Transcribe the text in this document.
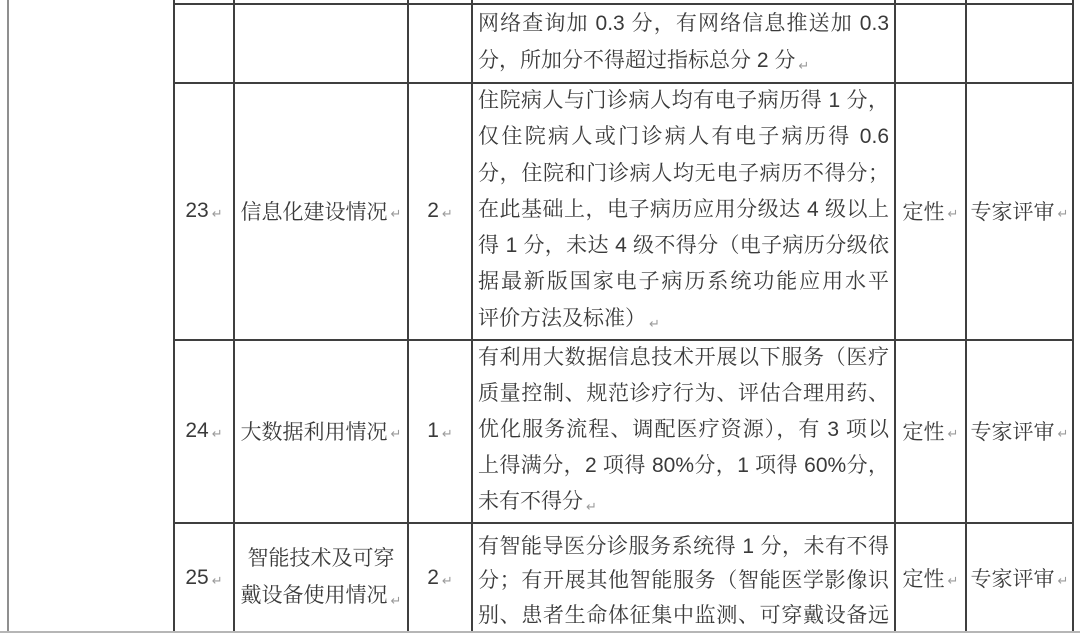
网络查询加 0.3 分，有网络信息推送加 0.3
分，所加分不得超过指标总分 2 分 ↵
23 ↵ 信息化建设情况 ↵ 2 ↵
住院病人与门诊病人均有电子病历得 1 分，
仅住院病人或门诊病人有电子病历得 0.6
分，住院和门诊病人均无电子病历不得分；
在此基础上，电子病历应用分级达 4 级以上
得 1 分，未达 4 级不得分（电子病历分级依
据最新版国家电子病历系统功能应用水平
评价方法及标准） ↵
定性 ↵ 专家评审 ↵
24 ↵ 大数据利用情况 ↵ 1 ↵
有利用大数据信息技术开展以下服务（医疗
质量控制、规范诊疗行为、评估合理用药、
优化服务流程、调配医疗资源），有 3 项以
上得满分，2 项得 80%分，1 项得 60%分，
未有不得分 ↵
定性 ↵ 专家评审 ↵
25 ↵
智能技术及可穿
戴设备使用情况 ↵
2 ↵
有智能导医分诊服务系统得 1 分，未有不得
分；有开展其他智能服务（智能医学影像识
别、患者生命体征集中监测、可穿戴设备远
定性 ↵ 专家评审 ↵
